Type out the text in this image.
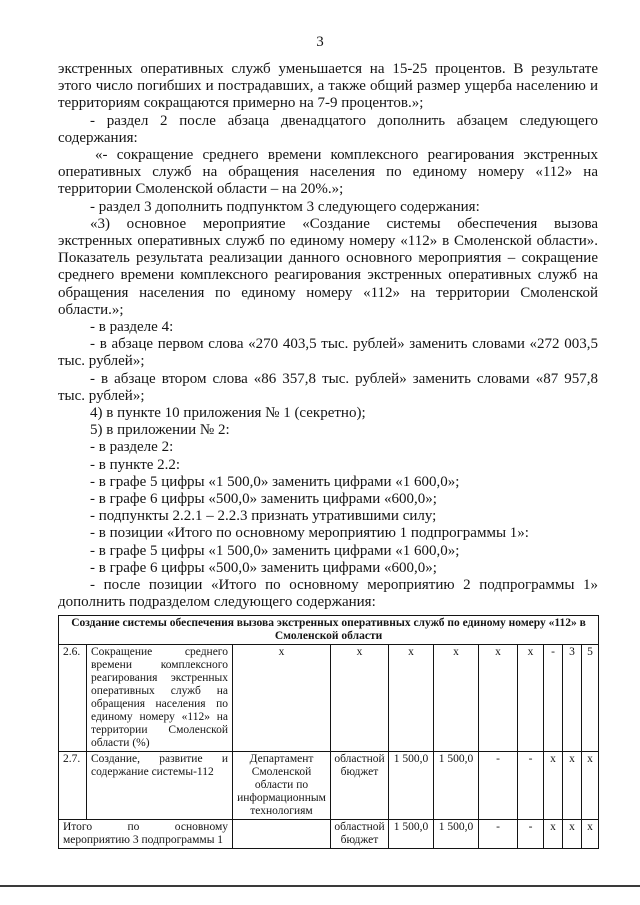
3

экстренных оперативных служб уменьшается на 15-25 процентов. В результате этого число погибших и пострадавших, а также общий размер ущерба населению и территориям сокращаются примерно на 7-9 процентов.»;

- раздел 2 после абзаца двенадцатого дополнить абзацем следующего содержания:

«- сокращение среднего времени комплексного реагирования экстренных оперативных служб на обращения населения по единому номеру «112» на территории Смоленской области – на 20%.»;

- раздел 3 дополнить подпунктом 3 следующего содержания:

«3) основное мероприятие «Создание системы обеспечения вызова экстренных оперативных служб по единому номеру «112» в Смоленской области». Показатель результата реализации данного основного мероприятия – сокращение среднего времени комплексного реагирования экстренных оперативных служб на обращения населения по единому номеру «112» на территории Смоленской области.»;

- в разделе 4:

- в абзаце первом слова «270 403,5 тыс. рублей» заменить словами «272 003,5 тыс. рублей»;

- в абзаце втором слова «86 357,8 тыс. рублей» заменить словами «87 957,8 тыс. рублей»;

4) в пункте 10 приложения № 1 (секретно);

5) в приложении № 2:

- в разделе 2:

- в пункте 2.2:

- в графе 5 цифры «1 500,0» заменить цифрами «1 600,0»;

- в графе 6 цифры «500,0» заменить цифрами «600,0»;

- подпункты 2.2.1 – 2.2.3 признать утратившими силу;

- в позиции «Итого по основному мероприятию 1 подпрограммы 1»:

- в графе 5 цифры «1 500,0» заменить цифрами «1 600,0»;

- в графе 6 цифры «500,0» заменить цифрами «600,0»;

- после позиции «Итого по основному мероприятию 2 подпрограммы 1» дополнить подразделом следующего содержания:

Создание системы обеспечения вызова экстренных оперативных служб по единому номеру «112» в Смоленской области										
2.6.	Сокращение среднего времени комплексного реагирования экстренных оперативных служб на обращения населения по единому номеру «112» на территории Смоленской области (%)	х	х	х	х	х	х	-	3	5
2.7.	Создание, развитие и содержание системы-112	Департамент Смоленской области по информационным технологиям	областной бюджет	1 500,0	1 500,0	-	-	х	х	х
Итого по основному мероприятию 3 подпрограммы 1			областной бюджет	1 500,0	1 500,0	-	-	х	х	х
